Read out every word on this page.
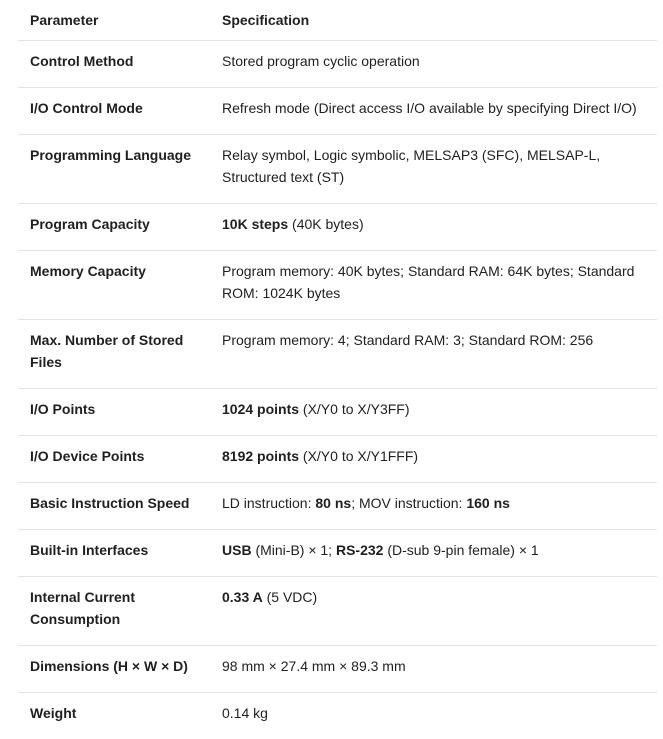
Parameter	Specification
Control Method	Stored program cyclic operation
I/O Control Mode	Refresh mode (Direct access I/O available by specifying Direct I/O)
Programming Language	Relay symbol, Logic symbolic, MELSAP3 (SFC), MELSAP-L, Structured text (ST)
Program Capacity	10K steps (40K bytes)
Memory Capacity	Program memory: 40K bytes; Standard RAM: 64K bytes; Standard ROM: 1024K bytes
Max. Number of Stored Files	Program memory: 4; Standard RAM: 3; Standard ROM: 256
I/O Points	1024 points (X/Y0 to X/Y3FF)
I/O Device Points	8192 points (X/Y0 to X/Y1FFF)
Basic Instruction Speed	LD instruction: 80 ns; MOV instruction: 160 ns
Built-in Interfaces	USB (Mini-B) × 1; RS-232 (D-sub 9-pin female) × 1
Internal Current Consumption	0.33 A (5 VDC)
Dimensions (H × W × D)	98 mm × 27.4 mm × 89.3 mm
Weight	0.14 kg
